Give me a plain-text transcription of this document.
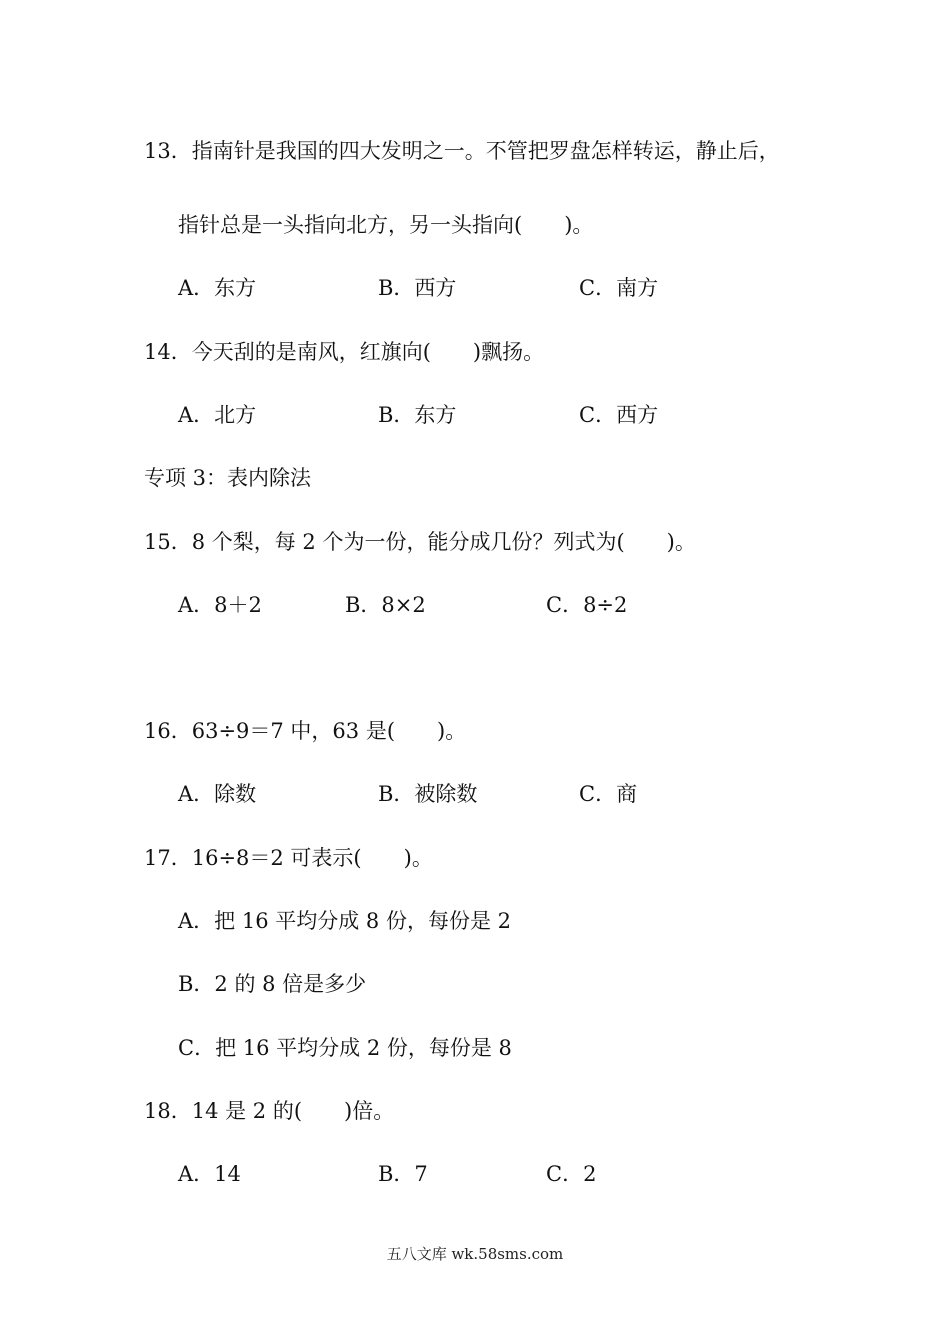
13．指南针是我国的四大发明之一。不管把罗盘怎样转运，静止后，
指针总是一头指向北方，另一头指向(　　)。
A．东方	B．西方	C．南方
14．今天刮的是南风，红旗向(　　)飘扬。
A．北方	B．东方	C．西方
专项 3：表内除法
15．8 个梨，每 2 个为一份，能分成几份？列式为(　　)。
A．8＋2	B．8×2	C．8÷2
16．63÷9＝7 中，63 是(　　)。
A．除数	B．被除数	C．商
17．16÷8＝2 可表示(　　)。
A．把 16 平均分成 8 份，每份是 2
B．2 的 8 倍是多少
C．把 16 平均分成 2 份，每份是 8
18．14 是 2 的(　　)倍。
A．14	B．7	C．2
五八文库 wk.58sms.com
